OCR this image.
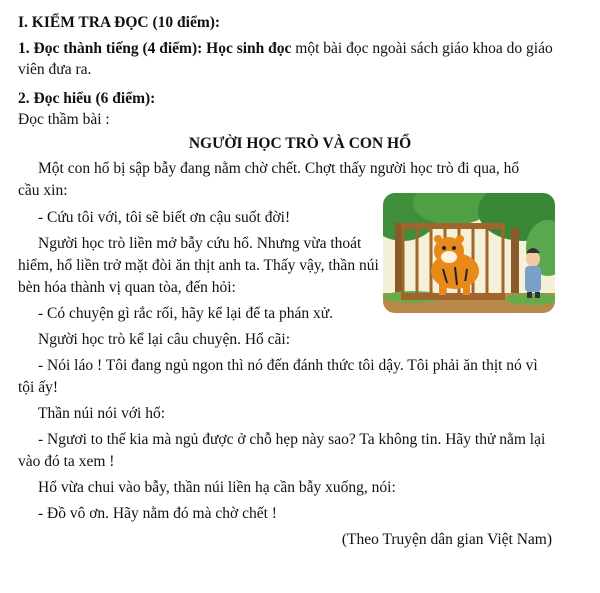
I. KIỂM TRA ĐỌC (10 điểm):
1. Đọc thành tiếng (4 điểm): Học sinh đọc một bài đọc ngoài sách giáo khoa do giáo
viên đưa ra.
2. Đọc hiểu (6 điểm):
Đọc thầm bài :
NGƯỜI HỌC TRÒ VÀ CON HỔ
Một con hổ bị sập bẫy đang nằm chờ chết. Chợt thấy người học trò đi qua, hổ
cầu xin:
- Cứu tôi với, tôi sẽ biết ơn cậu suốt đời!
Người học trò liền mở bẫy cứu hổ. Nhưng vừa thoát
hiểm, hổ liền trở mặt đòi ăn thịt anh ta. Thấy vậy, thần núi
bèn hóa thành vị quan tòa, đến hỏi:
- Có chuyện gì rắc rối, hãy kể lại để ta phán xử.
Người học trò kể lại câu chuyện. Hổ cãi:
- Nói láo ! Tôi đang ngủ ngon thì nó đến đánh thức tôi dậy. Tôi phải ăn thịt nó vì
tội ấy!
Thần núi nói với hổ:
- Ngươi to thế kia mà ngủ được ở chỗ hẹp này sao? Ta không tin. Hãy thử nằm lại
vào đó ta xem !
Hổ vừa chui vào bẫy, thần núi liền hạ cần bẫy xuống, nói:
- Đồ vô ơn. Hãy nằm đó mà chờ chết !
(Theo Truyện dân gian Việt Nam)
